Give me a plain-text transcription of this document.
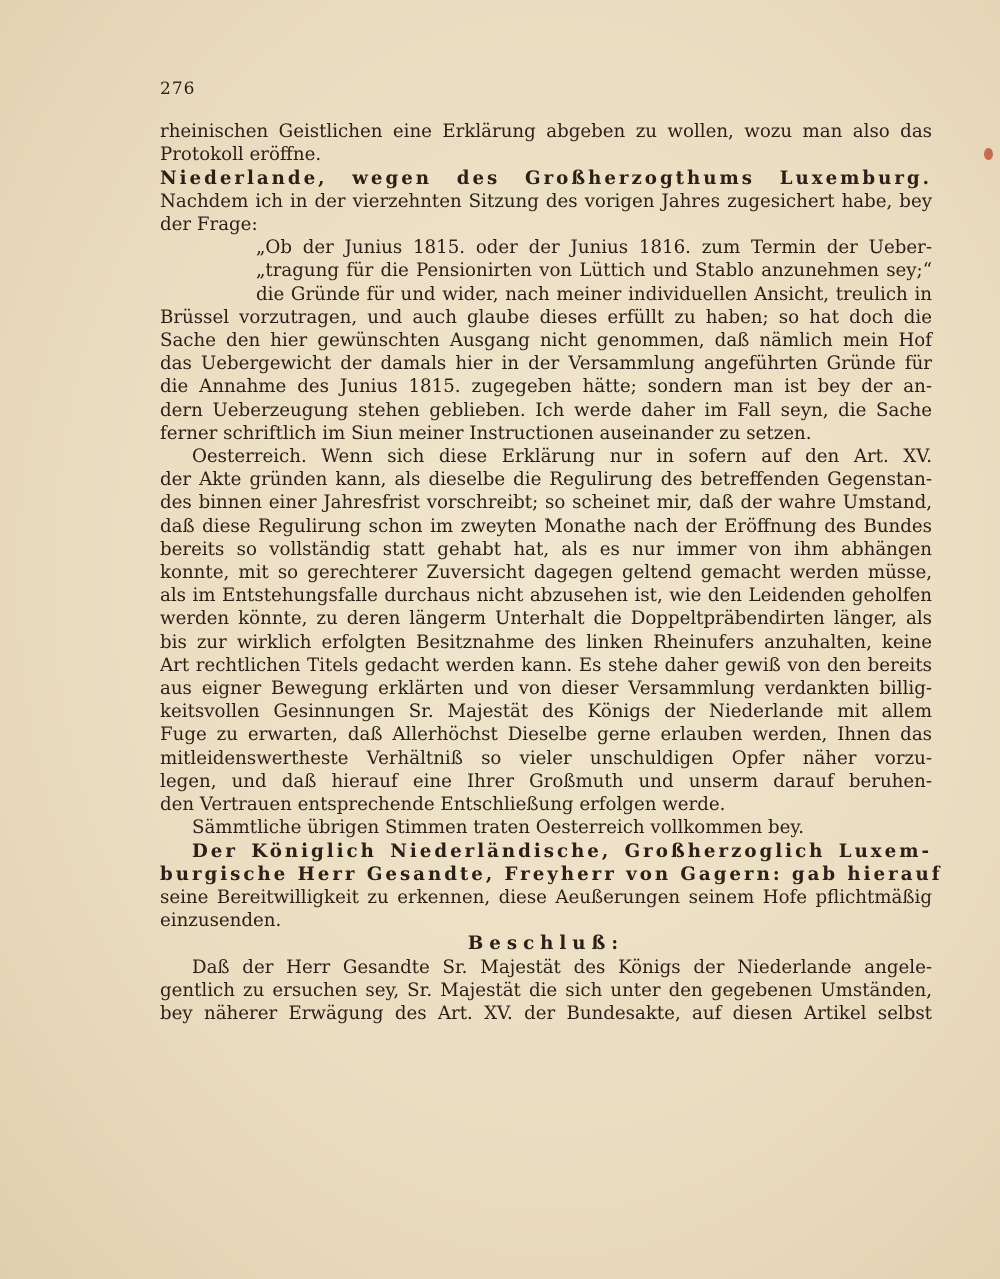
276
rheinischen Geistlichen eine Erklärung abgeben zu wollen, wozu man also das
Protokoll eröffne.
Niederlande, wegen des Großherzogthums Luxemburg.
Nachdem ich in der vierzehnten Sitzung des vorigen Jahres zugesichert habe, bey
der Frage:
„Ob der Junius 1815. oder der Junius 1816. zum Termin der Ueber-
„tragung für die Pensionirten von Lüttich und Stablo anzunehmen sey;“
die Gründe für und wider, nach meiner individuellen Ansicht, treulich in
Brüssel vorzutragen, und auch glaube dieses erfüllt zu haben; so hat doch die
Sache den hier gewünschten Ausgang nicht genommen, daß nämlich mein Hof
das Uebergewicht der damals hier in der Versammlung angeführten Gründe für
die Annahme des Junius 1815. zugegeben hätte; sondern man ist bey der an-
dern Ueberzeugung stehen geblieben. Ich werde daher im Fall seyn, die Sache
ferner schriftlich im Siun meiner Instructionen auseinander zu setzen.
Oesterreich. Wenn sich diese Erklärung nur in sofern auf den Art. XV.
der Akte gründen kann, als dieselbe die Regulirung des betreffenden Gegenstan-
des binnen einer Jahresfrist vorschreibt; so scheinet mir, daß der wahre Umstand,
daß diese Regulirung schon im zweyten Monathe nach der Eröffnung des Bundes
bereits so vollständig statt gehabt hat, als es nur immer von ihm abhängen
konnte, mit so gerechterer Zuversicht dagegen geltend gemacht werden müsse,
als im Entstehungsfalle durchaus nicht abzusehen ist, wie den Leidenden geholfen
werden könnte, zu deren längerm Unterhalt die Doppeltpräbendirten länger, als
bis zur wirklich erfolgten Besitznahme des linken Rheinufers anzuhalten, keine
Art rechtlichen Titels gedacht werden kann. Es stehe daher gewiß von den bereits
aus eigner Bewegung erklärten und von dieser Versammlung verdankten billig-
keitsvollen Gesinnungen Sr. Majestät des Königs der Niederlande mit allem
Fuge zu erwarten, daß Allerhöchst Dieselbe gerne erlauben werden, Ihnen das
mitleidenswertheste Verhältniß so vieler unschuldigen Opfer näher vorzu-
legen, und daß hierauf eine Ihrer Großmuth und unserm darauf beruhen-
den Vertrauen entsprechende Entschließung erfolgen werde.
Sämmtliche übrigen Stimmen traten Oesterreich vollkommen bey.
Der Königlich Niederländische, Großherzoglich Luxem-
burgische Herr Gesandte, Freyherr von Gagern: gab hierauf
seine Bereitwilligkeit zu erkennen, diese Aeußerungen seinem Hofe pflichtmäßig
einzusenden.
Beschluß:
Daß der Herr Gesandte Sr. Majestät des Königs der Niederlande angele-
gentlich zu ersuchen sey, Sr. Majestät die sich unter den gegebenen Umständen,
bey näherer Erwägung des Art. XV. der Bundesakte, auf diesen Artikel selbst
